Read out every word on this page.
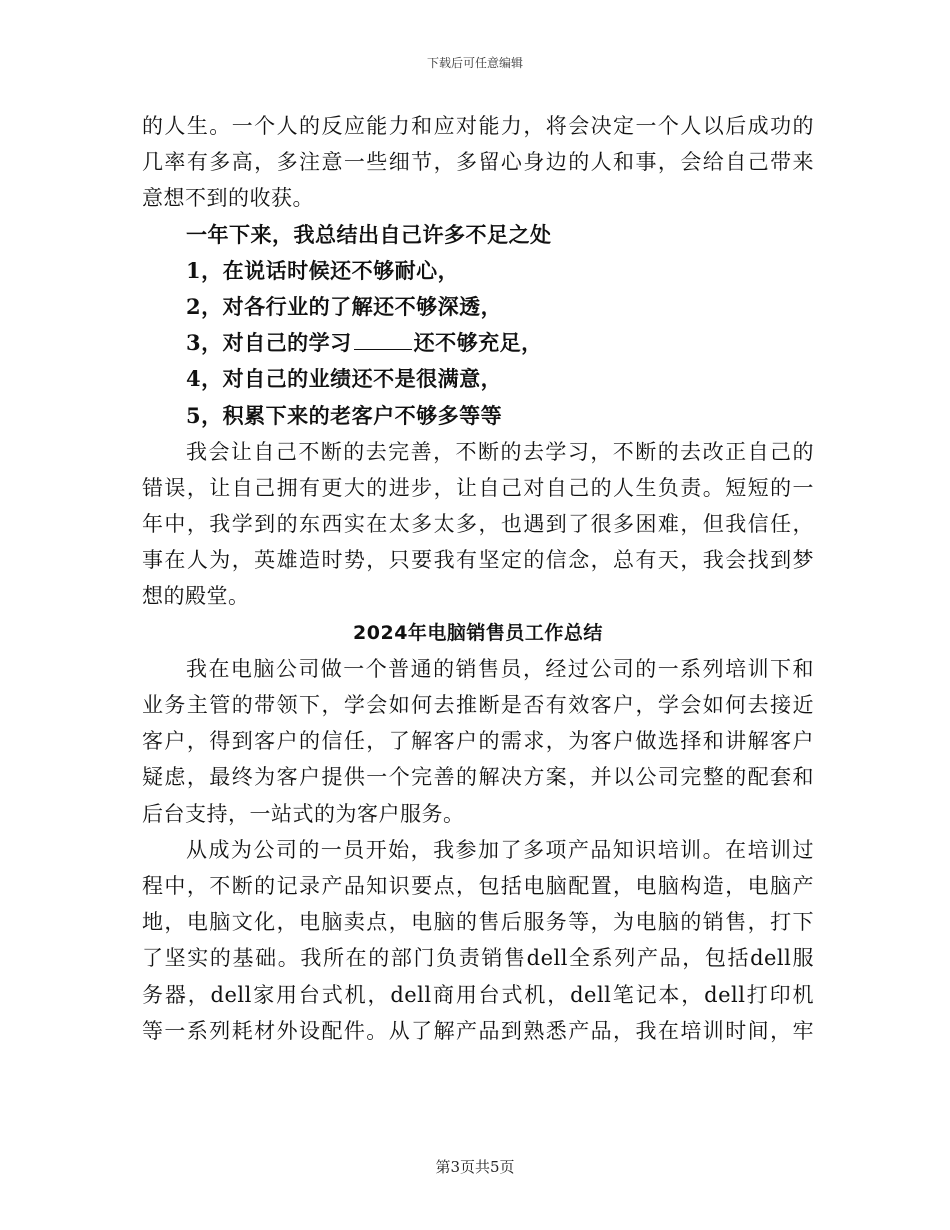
下载后可任意编辑
的人生。一个人的反应能力和应对能力，将会决定一个人以后成功的
几率有多高，多注意一些细节，多留心身边的人和事，会给自己带来
意想不到的收获。
一年下来，我总结出自己许多不足之处
1，在说话时候还不够耐心，
2，对各行业的了解还不够深透，
3，对自己的学习	还不够充足，
4，对自己的业绩还不是很满意，
5，积累下来的老客户不够多等等
我会让自己不断的去完善，不断的去学习，不断的去改正自己的
错误，让自己拥有更大的进步，让自己对自己的人生负责。短短的一
年中，我学到的东西实在太多太多，也遇到了很多困难，但我信任，
事在人为，英雄造时势，只要我有坚定的信念，总有天，我会找到梦
想的殿堂。
2024年电脑销售员工作总结
我在电脑公司做一个普通的销售员，经过公司的一系列培训下和
业务主管的带领下，学会如何去推断是否有效客户，学会如何去接近
客户，得到客户的信任，了解客户的需求，为客户做选择和讲解客户
疑虑，最终为客户提供一个完善的解决方案，并以公司完整的配套和
后台支持，一站式的为客户服务。
从成为公司的一员开始，我参加了多项产品知识培训。在培训过
程中，不断的记录产品知识要点，包括电脑配置，电脑构造，电脑产
地，电脑文化，电脑卖点，电脑的售后服务等，为电脑的销售，打下
了坚实的基础。我所在的部门负责销售dell全系列产品，包括dell服
务器，dell家用台式机，dell商用台式机，dell笔记本，dell打印机
等一系列耗材外设配件。从了解产品到熟悉产品，我在培训时间，牢
第3页共5页
